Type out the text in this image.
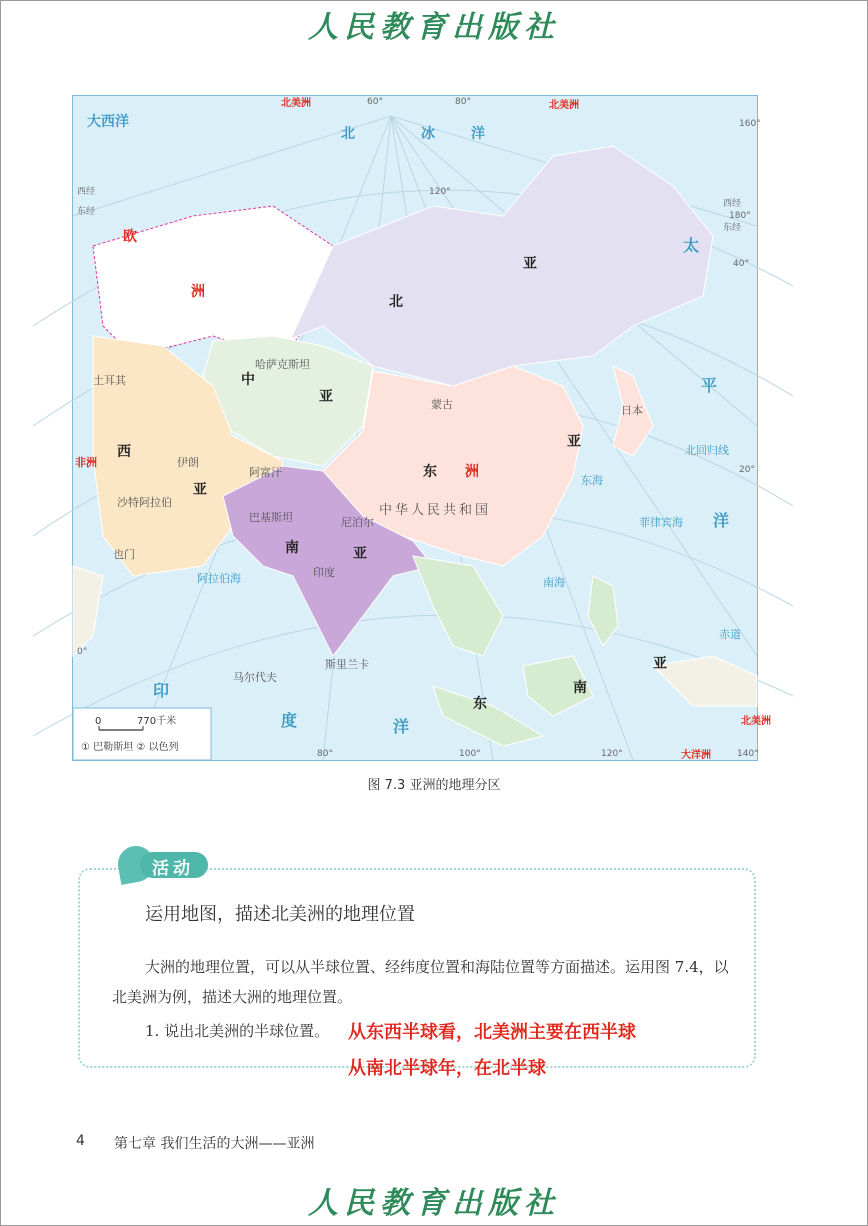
人民教育出版社
大西洋
北	冰	洋
太
平
洋
印
度	洋
北美洲	北美洲
北美洲
大洋洲
欧
洲
非洲
洲
北
亚
中
亚
西
亚
东
亚
南	亚
东
南
亚
中华人民共和国
蒙古
哈萨克斯坦
印度
巴基斯坦	尼泊尔
阿富汗
伊朗
沙特阿拉伯
也门
土耳其
日本
马尔代夫
斯里兰卡
南海
东海
阿拉伯海
菲律宾海
北回归线
赤道
60°	80°
120°
160°
40°
20°
0°
80°	100°	120°	140°
西经
东经
西经
180°
东经
0	770千米
① 巴勒斯坦 ② 以色列
图 7.3 亚洲的地理分区
活动
运用地图，描述北美洲的地理位置
大洲的地理位置，可以从半球位置、经纬度位置和海陆位置等方面描述。运用图 7.4，以北美洲为例，描述大洲的地理位置。
1. 说出北美洲的半球位置。 从东西半球看，北美洲主要在西半球
从南北半球年，在北半球
4 第七章 我们生活的大洲——亚洲
人民教育出版社
